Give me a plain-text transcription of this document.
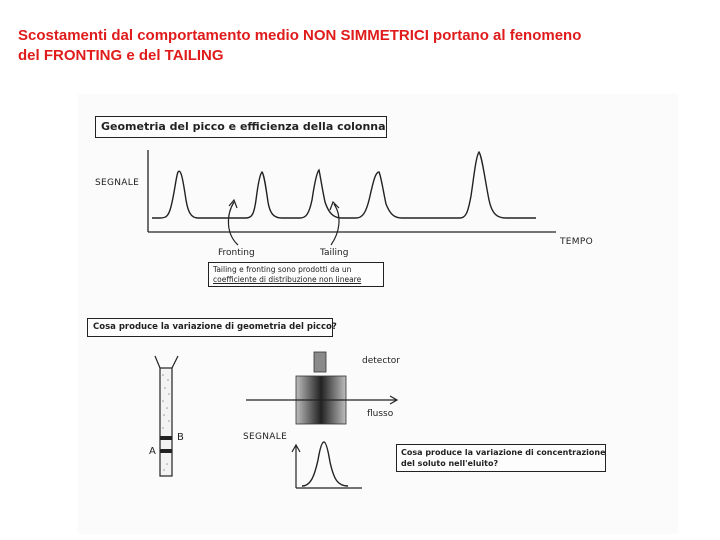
Scostamenti dal comportamento medio NON SIMMETRICI portano al fenomeno
del FRONTING e del TAILING
Geometria del picco e efficienza della colonna
SEGNALE
TEMPO
Fronting	Tailing
Tailing e fronting sono prodotti da un
coefficiente di distribuzione non lineare
Cosa produce la variazione di geometria del picco?
B
A
detector
flusso
SEGNALE
Cosa produce la variazione di concentrazione
del soluto nell'eluito?
